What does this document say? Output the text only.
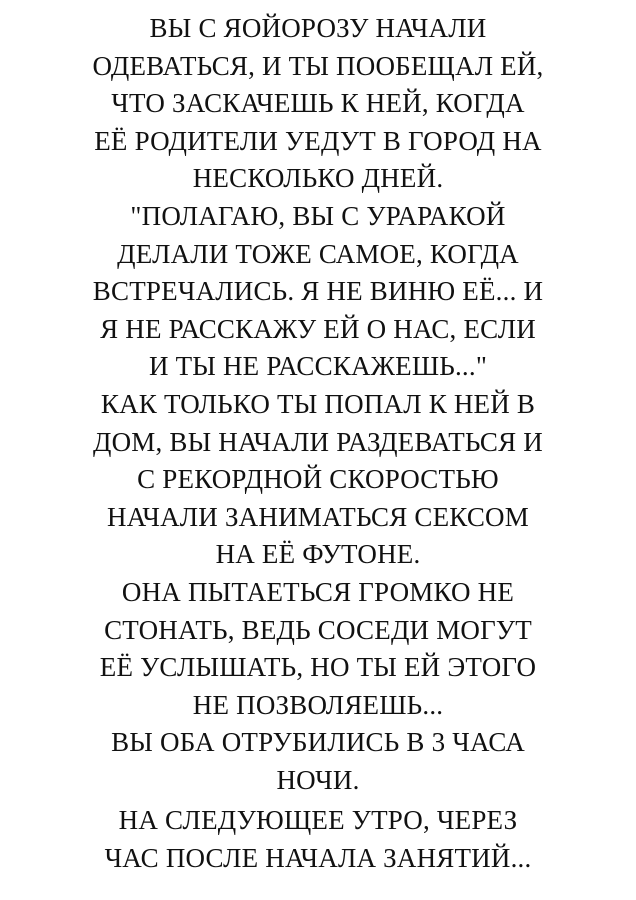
ВЫ С ЯОЙОРОЗУ НАЧАЛИ
ОДЕВАТЬСЯ, И ТЫ ПООБЕЩАЛ ЕЙ,
ЧТО ЗАСКАЧЕШЬ К НЕЙ, КОГДА
ЕЁ РОДИТЕЛИ УЕДУТ В ГОРОД НА
НЕСКОЛЬКО ДНЕЙ.
"ПОЛАГАЮ, ВЫ С УРАРАКОЙ
ДЕЛАЛИ ТОЖЕ САМОЕ, КОГДА
ВСТРЕЧАЛИСЬ. Я НЕ ВИНЮ ЕЁ... И
Я НЕ РАССКАЖУ ЕЙ О НАС, ЕСЛИ
И ТЫ НЕ РАССКАЖЕШЬ..."
КАК ТОЛЬКО ТЫ ПОПАЛ К НЕЙ В
ДОМ, ВЫ НАЧАЛИ РАЗДЕВАТЬСЯ И
С РЕКОРДНОЙ СКОРОСТЬЮ
НАЧАЛИ ЗАНИМАТЬСЯ СЕКСОМ
НА ЕЁ ФУТОНЕ.
ОНА ПЫТАЕТЬСЯ ГРОМКО НЕ
СТОНАТЬ, ВЕДЬ СОСЕДИ МОГУТ
ЕЁ УСЛЫШАТЬ, НО ТЫ ЕЙ ЭТОГО
НЕ ПОЗВОЛЯЕШЬ...
ВЫ ОБА ОТРУБИЛИСЬ В 3 ЧАСА
НОЧИ.
НА СЛЕДУЮЩЕЕ УТРО, ЧЕРЕЗ
ЧАС ПОСЛЕ НАЧАЛА ЗАНЯТИЙ...
